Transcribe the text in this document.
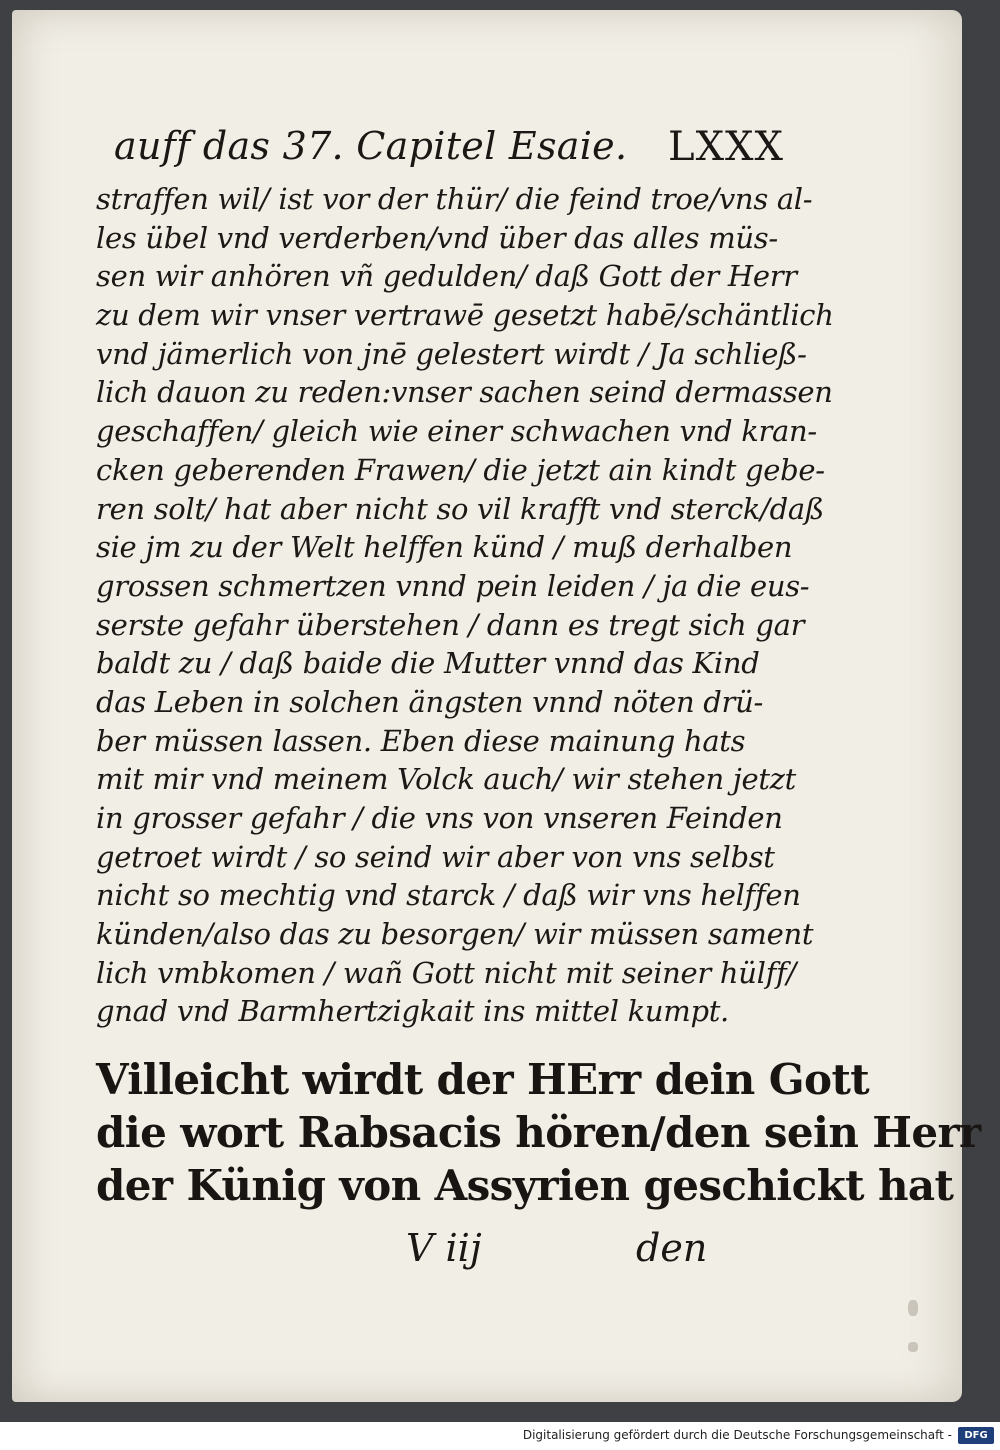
auff das 37. Capitel Esaie. LXXX
straffen wil/ ist vor der thür/ die feind troe/vns al-
les übel vnd verderben/vnd über das alles müs-
sen wir anhören vñ gedulden/ daß Gott der Herr
zu dem wir vnser vertrawē gesetzt habē/schäntlich
vnd jämerlich von jnē gelestert wirdt / Ja schließ-
lich dauon zu reden:vnser sachen seind dermassen
geschaffen/ gleich wie einer schwachen vnd kran-
cken geberenden Frawen/ die jetzt ain kindt gebe-
ren solt/ hat aber nicht so vil krafft vnd sterck/daß
sie jm zu der Welt helffen künd / muß derhalben
grossen schmertzen vnnd pein leiden / ja die eus-
serste gefahr überstehen / dann es tregt sich gar
baldt zu / daß baide die Mutter vnnd das Kind
das Leben in solchen ängsten vnnd nöten drü-
ber müssen lassen. Eben diese mainung hats
mit mir vnd meinem Volck auch/ wir stehen jetzt
in grosser gefahr / die vns von vnseren Feinden
getroet wirdt / so seind wir aber von vns selbst
nicht so mechtig vnd starck / daß wir vns helffen
künden/also das zu besorgen/ wir müssen sament
lich vmbkomen / wañ Gott nicht mit seiner hülff/
gnad vnd Barmhertzigkait ins mittel kumpt.
Villeicht wirdt der HErr dein Gott
die wort Rabsacis hören/den sein Herr
der Künig von Assyrien geschickt hat
V iij	den
Digitalisierung gefördert durch die Deutsche Forschungsgemeinschaft -	DFG
